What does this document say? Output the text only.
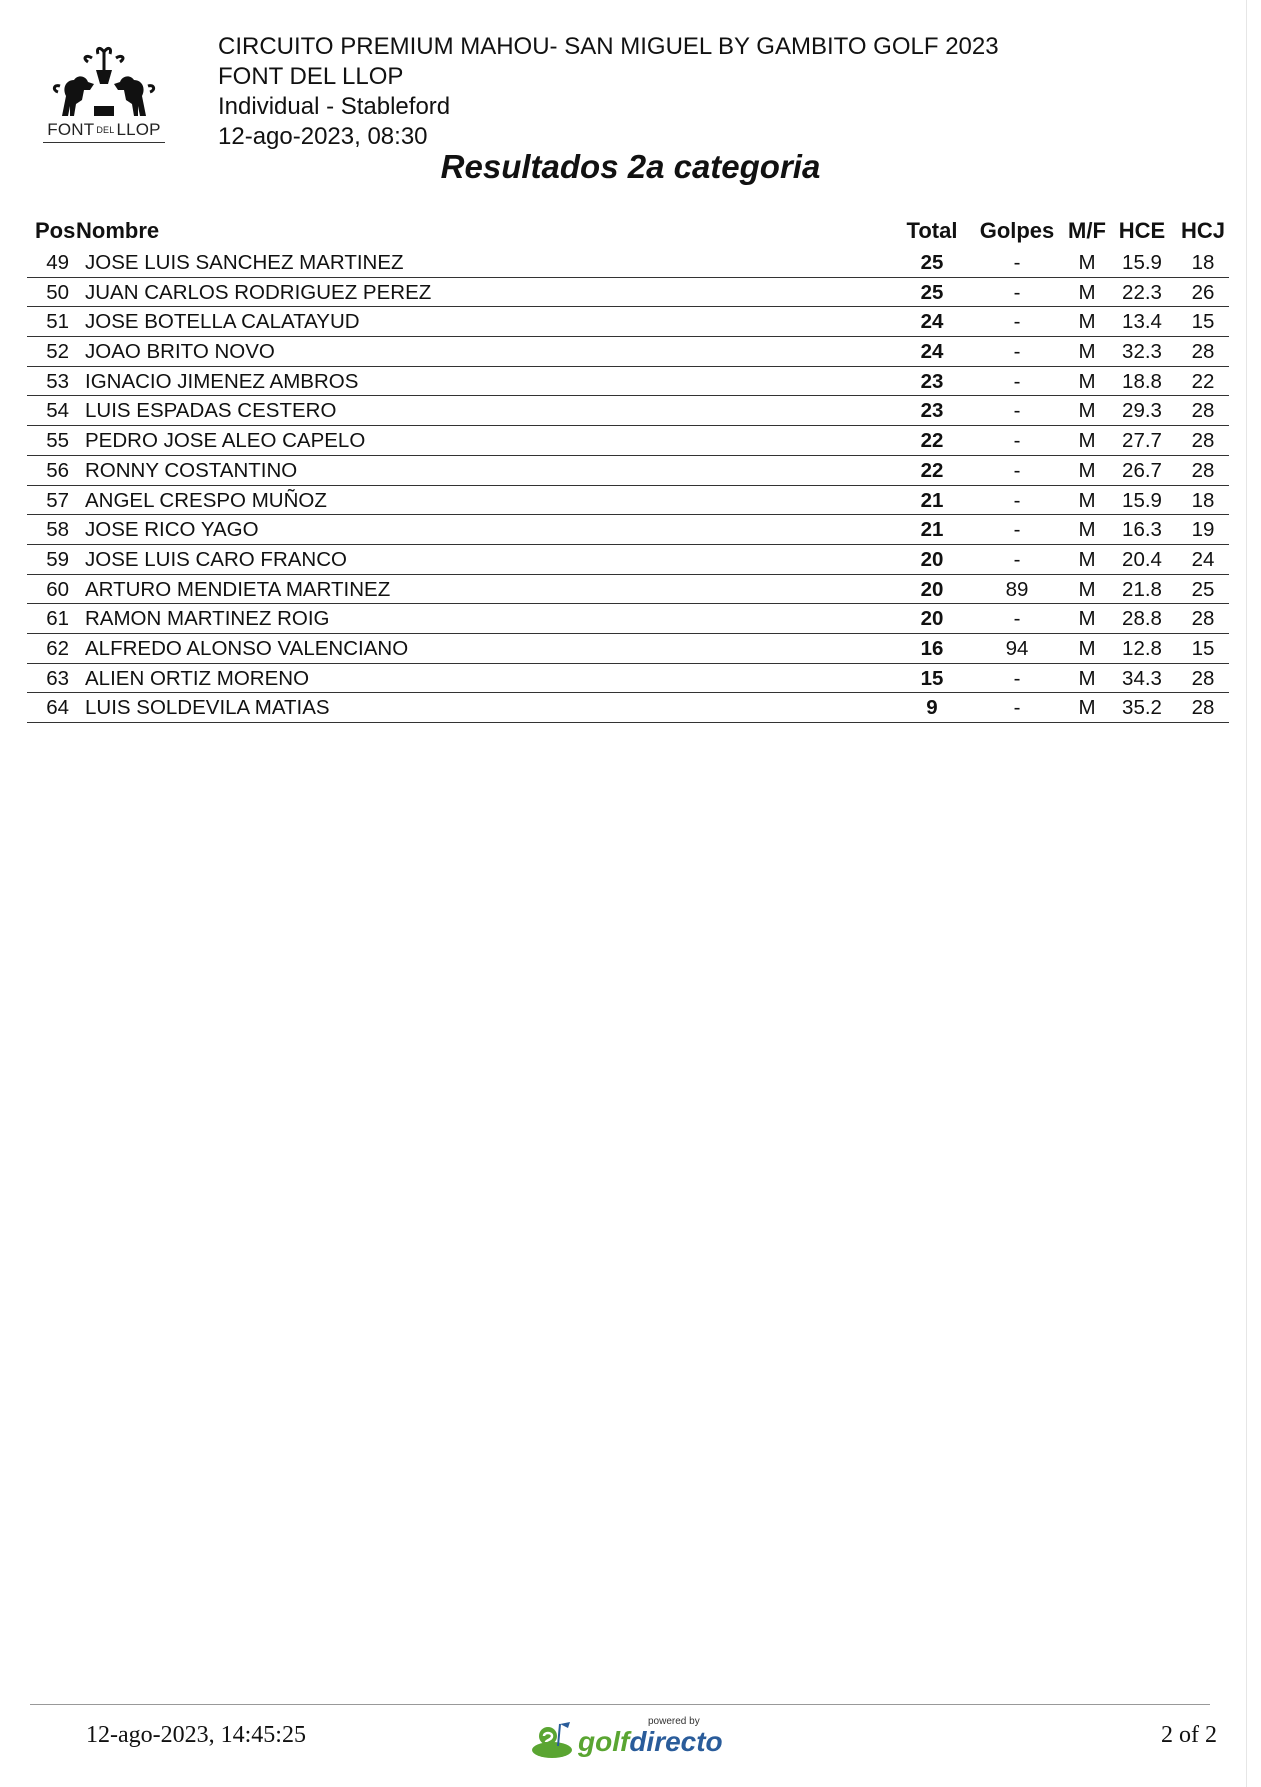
FONT DEL LLOP
CIRCUITO PREMIUM MAHOU- SAN MIGUEL BY GAMBITO GOLF 2023
FONT DEL LLOP
Individual - Stableford
12-ago-2023, 08:30
Resultados 2a categoria
Pos Nombre	Total	Golpes M/F HCE HCJ
49 JOSE LUIS SANCHEZ MARTINEZ	25	-	M	15.9	18
50 JUAN CARLOS RODRIGUEZ PEREZ	25	-	M	22.3	26
51 JOSE BOTELLA CALATAYUD	24	-	M	13.4	15
52 JOAO BRITO NOVO	24	-	M	32.3	28
53 IGNACIO JIMENEZ AMBROS	23	-	M	18.8	22
54 LUIS ESPADAS CESTERO	23	-	M	29.3	28
55 PEDRO JOSE ALEO CAPELO	22	-	M	27.7	28
56 RONNY COSTANTINO	22	-	M	26.7	28
57 ANGEL CRESPO MUÑOZ	21	-	M	15.9	18
58 JOSE RICO YAGO	21	-	M	16.3	19
59 JOSE LUIS CARO FRANCO	20	-	M	20.4	24
60 ARTURO MENDIETA MARTINEZ	20	89	M	21.8	25
61 RAMON MARTINEZ ROIG	20	-	M	28.8	28
62 ALFREDO ALONSO VALENCIANO	16	94	M	12.8	15
63 ALIEN ORTIZ MORENO	15	-	M	34.3	28
64 LUIS SOLDEVILA MATIAS	9	-	M	35.2	28
12-ago-2023, 14:45:25
powered by
golfdirecto	2 of 2
